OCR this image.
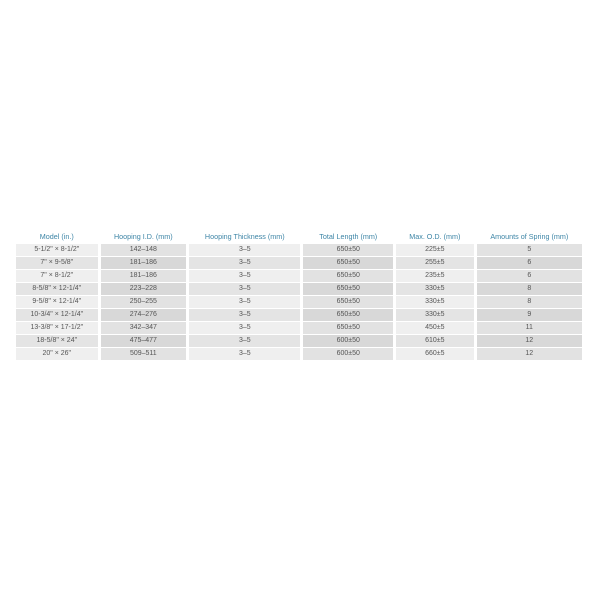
Model (in.)	Hooping I.D. (mm)	Hooping Thickness (mm)	Total Length (mm)	Max. O.D. (mm)	Amounts of Spring (mm)
5-1/2" × 8-1/2"	142–148	3–5	650±50	225±5	5
7" × 9-5/8"	181–186	3–5	650±50	255±5	6
7" × 8-1/2"	181–186	3–5	650±50	235±5	6
8-5/8" × 12-1/4"	223–228	3–5	650±50	330±5	8
9-5/8" × 12-1/4"	250–255	3–5	650±50	330±5	8
10-3/4" × 12-1/4"	274–276	3–5	650±50	330±5	9
13-3/8" × 17-1/2"	342–347	3–5	650±50	450±5	11
18-5/8" × 24"	475–477	3–5	600±50	610±5	12
20" × 26"	509–511	3–5	600±50	660±5	12
